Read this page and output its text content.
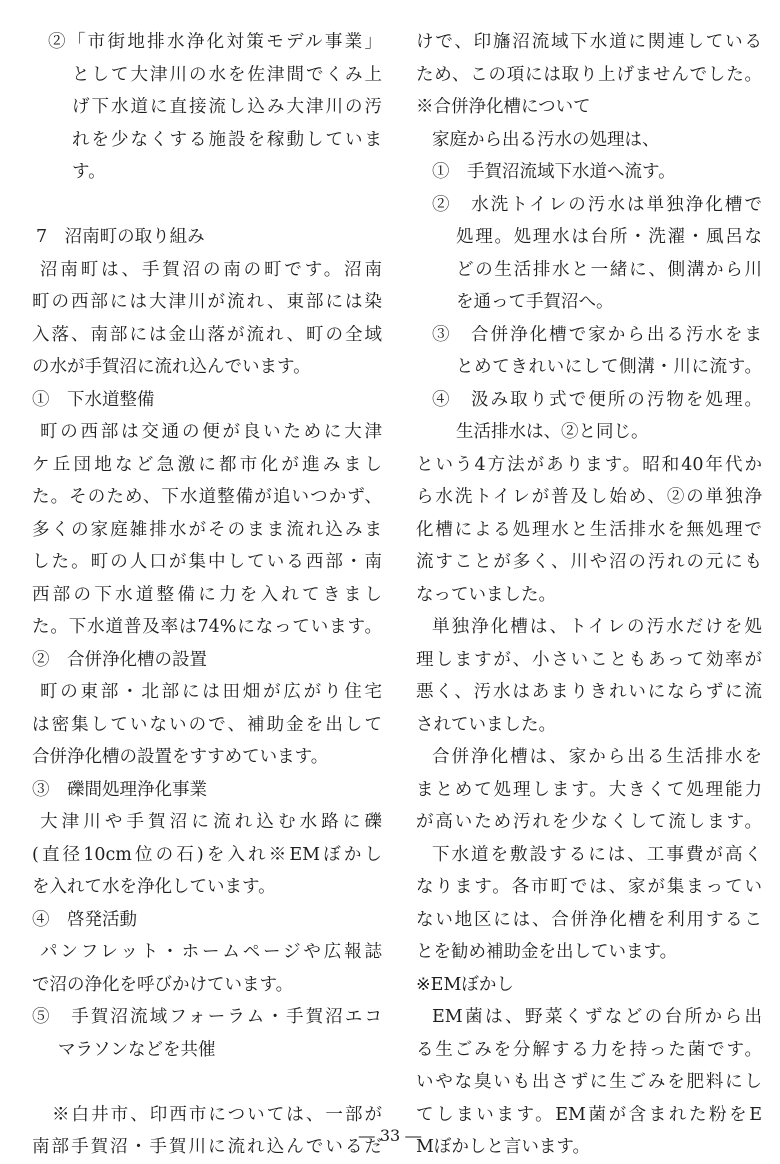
②「市街地排水浄化対策モデル事業」
として大津川の水を佐津間でくみ上
げ下水道に直接流し込み大津川の汚
れを少なくする施設を稼動していま
す。
7　沼南町の取り組み
沼南町は、手賀沼の南の町です。沼南
町の西部には大津川が流れ、東部には染
入落、南部には金山落が流れ、町の全域
の水が手賀沼に流れ込んでいます。
①　下水道整備
町の西部は交通の便が良いために大津
ケ丘団地など急激に都市化が進みまし
た。そのため、下水道整備が追いつかず、
多くの家庭雑排水がそのまま流れ込みま
した。町の人口が集中している西部・南
西部の下水道整備に力を入れてきまし
た。下水道普及率は74%になっています。
②　合併浄化槽の設置
町の東部・北部には田畑が広がり住宅
は密集していないので、補助金を出して
合併浄化槽の設置をすすめています。
③　礫間処理浄化事業
大津川や手賀沼に流れ込む水路に礫
(直径10cm位の石)を入れ※EMぼかし
を入れて水を浄化しています。
④　啓発活動
パンフレット・ホームページや広報誌
で沼の浄化を呼びかけています。
⑤　手賀沼流域フォーラム・手賀沼エコ
マラソンなどを共催
※白井市、印西市については、一部が
南部手賀沼・手賀川に流れ込んでいるだ
けで、印旛沼流域下水道に関連している
ため、この項には取り上げませんでした。
※合併浄化槽について
家庭から出る汚水の処理は、
①　手賀沼流域下水道へ流す。
②　水洗トイレの汚水は単独浄化槽で
処理。処理水は台所・洗濯・風呂な
どの生活排水と一緒に、側溝から川
を通って手賀沼へ。
③　合併浄化槽で家から出る汚水をま
とめてきれいにして側溝・川に流す。
④　汲み取り式で便所の汚物を処理。
生活排水は、②と同じ。
という4方法があります。昭和40年代か
ら水洗トイレが普及し始め、②の単独浄
化槽による処理水と生活排水を無処理で
流すことが多く、川や沼の汚れの元にも
なっていました。
単独浄化槽は、トイレの汚水だけを処
理しますが、小さいこともあって効率が
悪く、汚水はあまりきれいにならずに流
されていました。
合併浄化槽は、家から出る生活排水を
まとめて処理します。大きくて処理能力
が高いため汚れを少なくして流します。
下水道を敷設するには、工事費が高く
なります。各市町では、家が集まってい
ない地区には、合併浄化槽を利用するこ
とを勧め補助金を出しています。
※EMぼかし
EM菌は、野菜くずなどの台所から出
る生ごみを分解する力を持った菌です。
いやな臭いも出さずに生ごみを肥料にし
てしまいます。EM菌が含まれた粉をE
Mぼかしと言います。
― 33 ―
